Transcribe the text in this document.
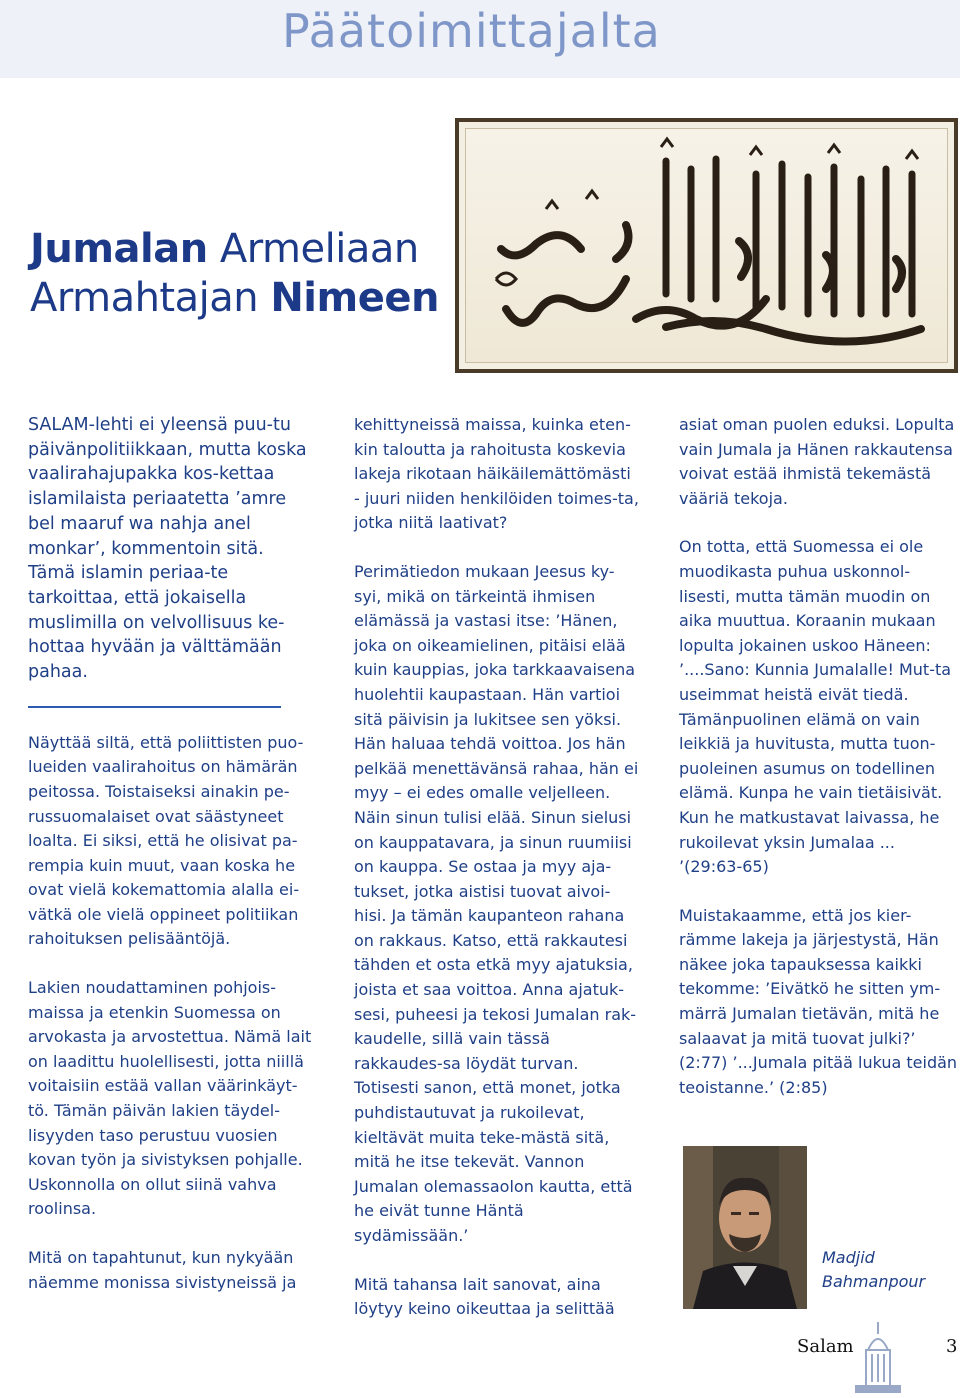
Päätoimittajalta
Jumalan Armeliaan
Armahtajan Nimeen

SALAM-lehti ei yleensä puu-tu päivänpolitiikkaan, mutta koska vaalirahajupakka kos-kettaa islamilaista periaatetta ’amre bel maaruf wa nahja anel monkar’, kommentoin sitä. Tämä islamin periaa-te tarkoittaa, että jokaisella muslimilla on velvollisuus ke-hottaa hyvään ja välttämään pahaa.

Näyttää siltä, että poliittisten puo-lueiden vaalirahoitus on hämärän peitossa. Toistaiseksi ainakin pe-russuomalaiset ovat säästyneet loalta. Ei siksi, että he olisivat pa-rempia kuin muut, vaan koska he ovat vielä kokemattomia alalla ei-vätkä ole vielä oppineet politiikan rahoituksen pelisääntöjä.

Lakien noudattaminen pohjois-maissa ja etenkin Suomessa on arvokasta ja arvostettua. Nämä lait on laadittu huolellisesti, jotta niillä voitaisiin estää vallan väärinkäyt-tö. Tämän päivän lakien täydel-lisyyden taso perustuu vuosien kovan työn ja sivistyksen pohjalle. Uskonnolla on ollut siinä vahva roolinsa.

Mitä on tapahtunut, kun nykyään näemme monissa sivistyneissä ja

kehittyneissä maissa, kuinka eten-kin taloutta ja rahoitusta koskevia lakeja rikotaan häikäilemättömästi - juuri niiden henkilöiden toimes-ta, jotka niitä laativat?

Perimätiedon mukaan Jeesus ky-syi, mikä on tärkeintä ihmisen elämässä ja vastasi itse: ’Hänen, joka on oikeamielinen, pitäisi elää kuin kauppias, joka tarkkaavaisena huolehtii kaupastaan. Hän vartioi sitä päivisin ja lukitsee sen yöksi. Hän haluaa tehdä voittoa. Jos hän pelkää menettävänsä rahaa, hän ei myy – ei edes omalle veljelleen. Näin sinun tulisi elää. Sinun sielusi on kauppatavara, ja sinun ruumiisi on kauppa. Se ostaa ja myy aja-tukset, jotka aistisi tuovat aivoi-hisi. Ja tämän kaupanteon rahana on rakkaus. Katso, että rakkautesi tähden et osta etkä myy ajatuksia, joista et saa voittoa. Anna ajatuk-sesi, puheesi ja tekosi Jumalan rak-kaudelle, sillä vain tässä rakkaudes-sa löydät turvan. Totisesti sanon, että monet, jotka puhdistautuvat ja rukoilevat, kieltävät muita teke-mästä sitä, mitä he itse tekevät. Vannon Jumalan olemassaolon kautta, että he eivät tunne Häntä sydämissään.’

Mitä tahansa lait sanovat, aina löytyy keino oikeuttaa ja selittää

asiat oman puolen eduksi. Lopulta vain Jumala ja Hänen rakkautensa voivat estää ihmistä tekemästä vääriä tekoja.

On totta, että Suomessa ei ole muodikasta puhua uskonnol-lisesti, mutta tämän muodin on aika muuttua. Koraanin mukaan lopulta jokainen uskoo Häneen: ’....Sano: Kunnia Jumalalle! Mut-ta useimmat heistä eivät tiedä. Tämänpuolinen elämä on vain leikkiä ja huvitusta, mutta tuon-puoleinen asumus on todellinen elämä. Kunpa he vain tietäisivät. Kun he matkustavat laivassa, he rukoilevat yksin Jumalaa ... ’(29:63-65)

Muistakaamme, että jos kier-rämme lakeja ja järjestystä, Hän näkee joka tapauksessa kaikki tekomme: ’Eivätkö he sitten ym-märrä Jumalan tietävän, mitä he salaavat ja mitä tuovat julki?’ (2:77) ’...Jumala pitää lukua teidän teoistanne.’ (2:85)

Madjid
Bahmanpour
Salam	3
